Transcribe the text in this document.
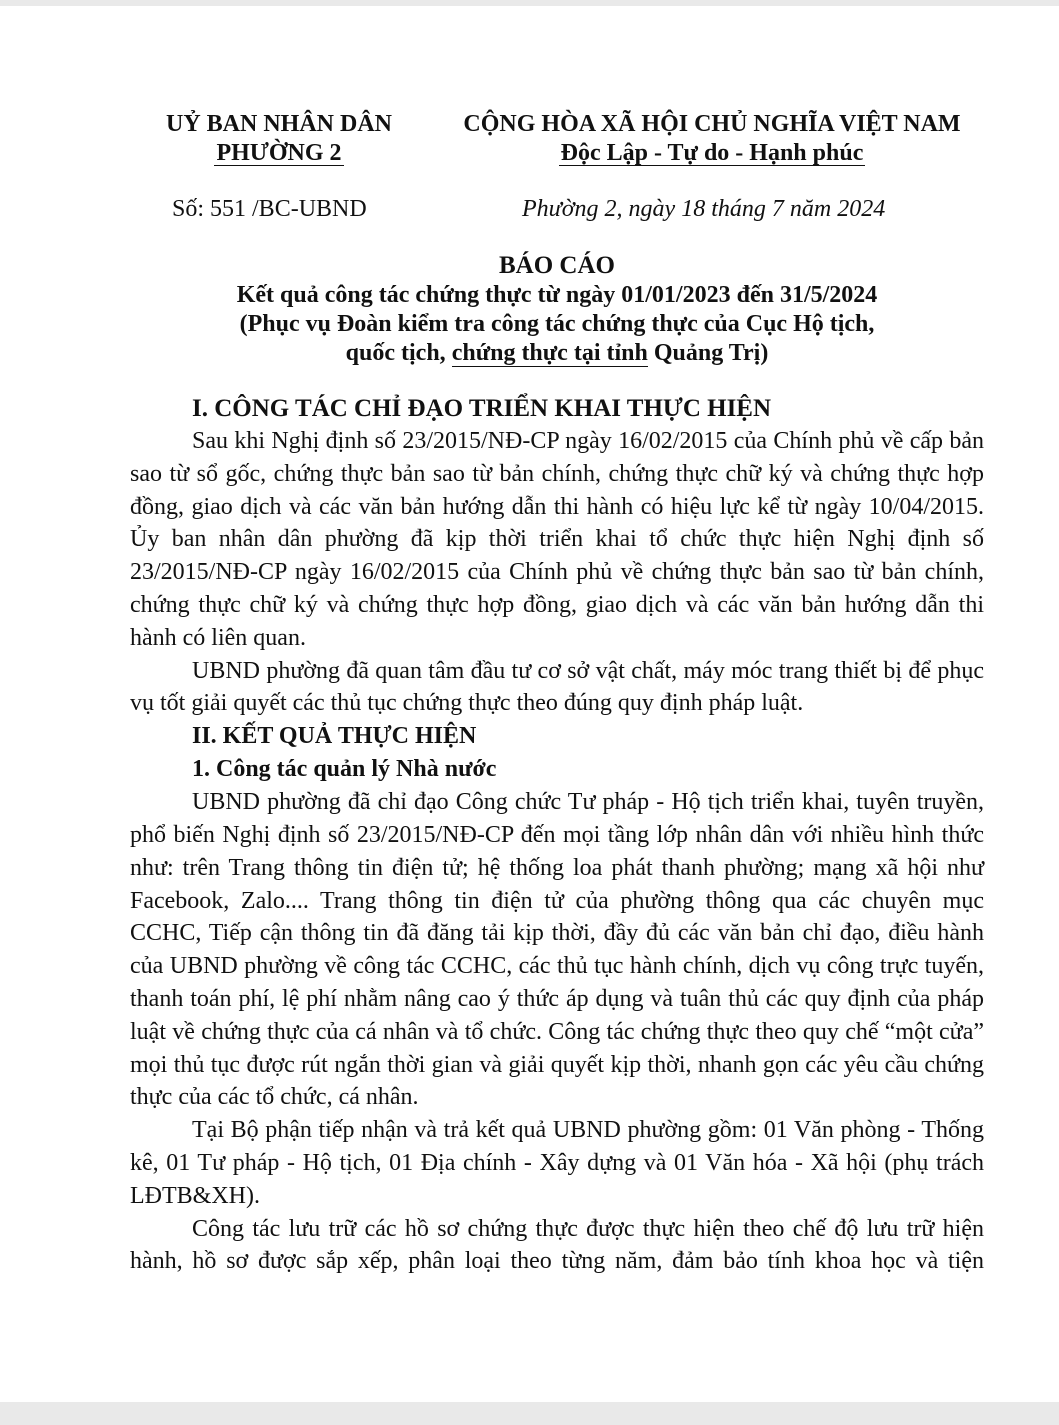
UỶ BAN NHÂN DÂN
PHƯỜNG 2
CỘNG HÒA XÃ HỘI CHỦ NGHĨA VIỆT NAM
Độc Lập - Tự do - Hạnh phúc
Số: 551 /BC-UBND	Phường 2, ngày 18 tháng 7 năm 2024
BÁO CÁO
Kết quả công tác chứng thực từ ngày 01/01/2023 đến 31/5/2024
(Phục vụ Đoàn kiểm tra công tác chứng thực của Cục Hộ tịch,
quốc tịch, chứng thực tại tỉnh Quảng Trị)
I. CÔNG TÁC CHỈ ĐẠO TRIỂN KHAI THỰC HIỆN

Sau khi Nghị định số 23/2015/NĐ-CP ngày 16/02/2015 của Chính phủ về cấp bản sao từ sổ gốc, chứng thực bản sao từ bản chính, chứng thực chữ ký và chứng thực hợp đồng, giao dịch và các văn bản hướng dẫn thi hành có hiệu lực kể từ ngày 10/04/2015. Ủy ban nhân dân phường đã kịp thời triển khai tổ chức thực hiện Nghị định số 23/2015/NĐ-CP ngày 16/02/2015 của Chính phủ về chứng thực bản sao từ bản chính, chứng thực chữ ký và chứng thực hợp đồng, giao dịch và các văn bản hướng dẫn thi hành có liên quan.

UBND phường đã quan tâm đầu tư cơ sở vật chất, máy móc trang thiết bị để phục vụ tốt giải quyết các thủ tục chứng thực theo đúng quy định pháp luật.

II. KẾT QUẢ THỰC HIỆN
1. Công tác quản lý Nhà nước

UBND phường đã chỉ đạo Công chức Tư pháp - Hộ tịch triển khai, tuyên truyền, phổ biến Nghị định số 23/2015/NĐ-CP đến mọi tầng lớp nhân dân với nhiều hình thức như: trên Trang thông tin điện tử; hệ thống loa phát thanh phường; mạng xã hội như Facebook, Zalo.... Trang thông tin điện tử của phường thông qua các chuyên mục CCHC, Tiếp cận thông tin đã đăng tải kịp thời, đầy đủ các văn bản chỉ đạo, điều hành của UBND phường về công tác CCHC, các thủ tục hành chính, dịch vụ công trực tuyến, thanh toán phí, lệ phí nhằm nâng cao ý thức áp dụng và tuân thủ các quy định của pháp luật về chứng thực của cá nhân và tổ chức. Công tác chứng thực theo quy chế “một cửa” mọi thủ tục được rút ngắn thời gian và giải quyết kịp thời, nhanh gọn các yêu cầu chứng thực của các tổ chức, cá nhân.

Tại Bộ phận tiếp nhận và trả kết quả UBND phường gồm: 01 Văn phòng - Thống kê, 01 Tư pháp - Hộ tịch, 01 Địa chính - Xây dựng và 01 Văn hóa - Xã hội (phụ trách LĐTB&XH).

Công tác lưu trữ các hồ sơ chứng thực được thực hiện theo chế độ lưu trữ hiện hành, hồ sơ được sắp xếp, phân loại theo từng năm, đảm bảo tính khoa học và tiện
